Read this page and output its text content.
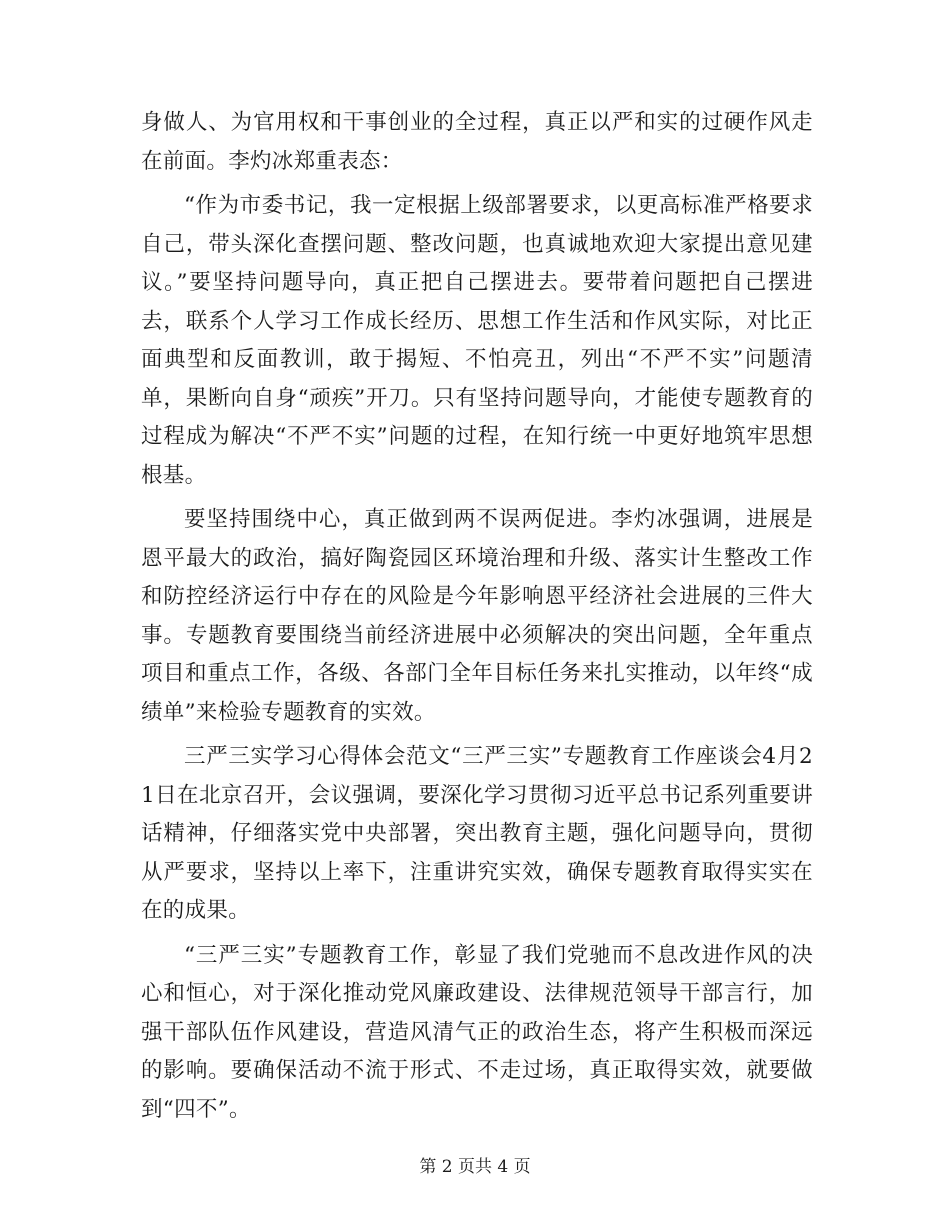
身做人、为官用权和干事创业的全过程，真正以严和实的过硬作风走在前面。李灼冰郑重表态：

“作为市委书记，我一定根据上级部署要求，以更高标准严格要求自己，带头深化查摆问题、整改问题，也真诚地欢迎大家提出意见建议。”要坚持问题导向，真正把自己摆进去。要带着问题把自己摆进去，联系个人学习工作成长经历、思想工作生活和作风实际，对比正面典型和反面教训，敢于揭短、不怕亮丑，列出“不严不实”问题清单，果断向自身“顽疾”开刀。只有坚持问题导向，才能使专题教育的过程成为解决“不严不实”问题的过程，在知行统一中更好地筑牢思想根基。

要坚持围绕中心，真正做到两不误两促进。李灼冰强调，进展是恩平最大的政治，搞好陶瓷园区环境治理和升级、落实计生整改工作和防控经济运行中存在的风险是今年影响恩平经济社会进展的三件大事。专题教育要围绕当前经济进展中必须解决的突出问题，全年重点项目和重点工作，各级、各部门全年目标任务来扎实推动，以年终“成绩单”来检验专题教育的实效。

三严三实学习心得体会范文“三严三实”专题教育工作座谈会4月21日在北京召开，会议强调，要深化学习贯彻习近平总书记系列重要讲话精神，仔细落实党中央部署，突出教育主题，强化问题导向，贯彻从严要求，坚持以上率下，注重讲究实效，确保专题教育取得实实在在的成果。

“三严三实”专题教育工作，彰显了我们党驰而不息改进作风的决心和恒心，对于深化推动党风廉政建设、法律规范领导干部言行，加强干部队伍作风建设，营造风清气正的政治生态，将产生积极而深远的影响。要确保活动不流于形式、不走过场，真正取得实效，就要做到“四不”。

第 2 页共 4 页
